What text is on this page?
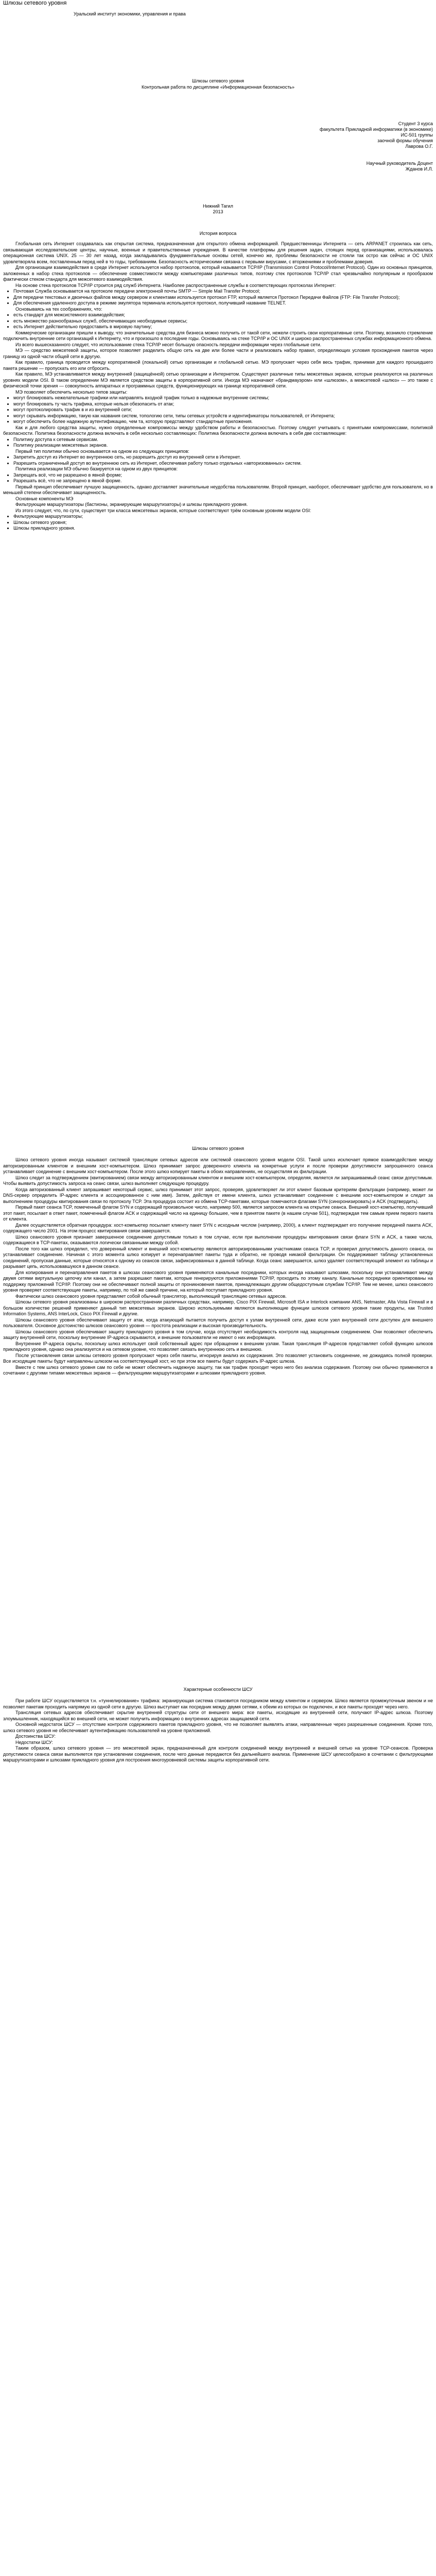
Шлюзы сетевого уровня
Уральский институт экономики, управления и права
Шлюзы сетевого уровня
Контрольная работа по дисциплине «Информационная безопасность»
Студент 3 курса
факультета Прикладной информатики (в экономике)
ИС-501 группы
заочной формы обучения
Лаврова О.Г.
Научный руководитель Доцент
Жданов И.Л.
Нижний Тагил
2013
История вопроса

Глобальная сеть Интернет создавалась как открытая система, предназначенная для открытого обмена информацией. Предшественницы Интернета — сеть ARPANET строилась как сеть, связывающая исследовательские центры, научные, военные и правительственные учреждения. В качестве платформы для решения задач, стоящих перед организациями, использовалась операционная система UNIX. 25 — 30 лет назад, когда закладывались фундаментальные основы сетей, конечно же, проблемы безопасности не стояли так остро как сейчас и ОС UNIX удовлетворяла всем, поставленным перед ней в то годы, требованиям. Безопасность историческими связана с первыми вирусами, с вторжениями и проблемами доверия.

Для организации взаимодействия в среде Интернет используется набор протоколов, который называется TCP/IP (Transmission Control Protocol/Internet Protocol). Один из основных принципов, заложенных в набор стека протоколов — обеспечение совместимости между компьютерами различных типов, поэтому стек протоколов TCP/IP стал чрезвычайно популярным и прообразом фактически стеком стандарта для межсетевого взаимодействия.

На основе стека протоколов TCP/IP строится ряд служб Интернета. Наиболее распространенные службы в соответствующих протоколах Интернет:

• Почтовая Служба основывается на протоколе передачи электронной почты SMTP — Simple Mail Transfer Protocol;
• Для передачи текстовых и двоичных файлов между сервером и клиентами используется протокол FTP, который является Протокол Передачи Файлов (FTP: File Transfer Protocol);
• Для обеспечения удаленного доступа в режиме эмулятора терминала используется протокол, получивший название TELNET.

Основываясь на тех соображениях, что:

• есть стандарт для межсистемного взаимодействия;
• есть множество разнообразных служб, обеспечивающих необходимые сервисы;
• есть Интернет действительно предоставить в мировую паутину;

Коммерческие организации пришли к выводу, что значительные средства для бизнеса можно получить от такой сети, нежели строить свои корпоративные сети. Поэтому, возникло стремление подключить внутренние сети организаций к Интернету, что и произошло в последние годы. Основываясь на стеке TCP/IP и ОС UNIX и широко распространенных службах информационного обмена.

Из всего вышесказанного следует, что использование стека TCP/IP несет большую опасность передачи информации через глобальные сети.

МЭ — средство межсетевой защиты, которое позволяет разделить общую сеть на две или более части и реализовать набор правил, определяющих условия прохождения пакетов через границу из одной части общей сети в другую.

Как правило, граница проводится между корпоративной (локальной) сетью организации и глобальной сетью. МЭ пропускает через себя весь трафик, принимая для каждого прошедшего пакета решение — пропускать его или отбросить.

Как правило, МЭ устанавливается между внутренней (защищённой) сетью организации и Интернетом. Существуют различные типы межсетевых экранов, которые реализуются на различных уровнях модели OSI. В таком определении МЭ является средством защиты в корпоративной сети. Иногда МЭ назначают «брандмауэром» или «шлюзом», а межсетевой «шлюз» — это также с физической точки зрения — совокупность аппаратных и программных средств, функционирующих на границе корпоративной сети.

МЭ позволяет обеспечить несколько типов защиты:

• могут блокировать нежелательные трафики или направлять входной трафик только в надежные внутренние системы;
• могут блокировать ту часть трафика, которые нельзя обезопасить от атак;
• могут протоколировать трафик в и из внутренней сети;
• могут скрывать информацию, такую как названия систем, топологию сети, типы сетевых устройств и идентификаторы пользователей, от Интернета;
• могут обеспечить более надежную аутентификацию, чем та, которую представляют стандартные приложения.

Как и для любого средства защиты, нужно определенные компромиссы между удобством работы и безопасностью. Поэтому следует учитывать с принятыми компромиссами, политикой безопасности. Политика безопасности должна включать в себя несколько составляющих: Политика безопасности должна включать в себя две составляющие:

• Политику доступа к сетевым сервисам.
• Политику реализации межсетевых экранов.

Первый тип политики обычно основывается на одном из следующих принципов:

• Запретить доступ из Интернет во внутреннюю сеть, но разрешить доступ из внутренней сети в Интернет.
• Разрешить ограниченный доступ во внутреннюю сеть из Интернет, обеспечивая работу только отдельных «авторизованных» систем.

Политика реализации МЭ обычно базируется на одном из двух принципов:

• Запрещать всё, что не разрешено в явной форме;
• Разрешать всё, что не запрещено в явной форме.

Первый принцип обеспечивает лучшую защищенность, однако доставляет значительные неудобства пользователям. Второй принцип, наоборот, обеспечивает удобство для пользователя, но в меньшей степени обеспечивает защищенность.

Основные компоненты МЭ

Фильтрующие маршрутизаторы (бастионы, экранирующие маршрутизаторы) и шлюзы прикладного уровня.

Из этого следует, что, по сути, существует три класса межсетевых экранов, которые соответствуют трём основным уровням модели OSI:

• Фильтрующие маршрутизаторы;
• Шлюзы сетевого уровня;
• Шлюзы прикладного уровня.
Шлюзы сетевого уровня

Шлюз сетевого уровня иногда называют системой трансляции сетевых адресов или системой сеансового уровня модели OSI. Такой шлюз исключает прямое взаимодействие между авторизированным клиентом и внешним хост-компьютером. Шлюз принимает запрос доверенного клиента на конкретные услуги и после проверки допустимости запрошенного сеанса устанавливает соединение с внешним хост-компьютером. После этого шлюз копирует пакеты в обоих направлениях, не осуществляя их фильтрации.

Шлюз следит за подтверждением (квитированием) связи между авторизированным клиентом и внешним хост-компьютером, определяя, является ли запрашиваемый сеанс связи допустимым. Чтобы выявить допустимость запроса на сеанс связи, шлюз выполняет следующую процедуру.

Когда авторизованный клиент запрашивает некоторый сервис, шлюз принимает этот запрос, проверяя, удовлетворяет ли этот клиент базовым критериям фильтрации (например, может ли DNS-сервер определить IP-адрес клиента и ассоциированное с ним имя). Затем, действуя от имени клиента, шлюз устанавливает соединение с внешним хост-компьютером и следит за выполнением процедуры квитирования связи по протоколу TCP. Эта процедура состоит из обмена TCP-пакетами, которые помечаются флагами SYN (синхронизировать) и ACK (подтвердить).

Первый пакет сеанса TCP, помеченный флагом SYN и содержащий произвольное число, например 500, является запросом клиента на открытие сеанса. Внешний хост-компьютер, получивший этот пакет, посылает в ответ пакет, помеченный флагом ACK и содержащий число на единицу большее, чем в принятом пакете (в нашем случае 501), подтверждая тем самым прием первого пакета от клиента.

Далее осуществляется обратная процедура: хост-компьютер посылает клиенту пакет SYN с исходным числом (например, 2000), а клиент подтверждает его получение передачей пакета ACK, содержащего число 2001. На этом процесс квитирования связи завершается.

Шлюз сеансового уровня признает завершенное соединение допустимым только в том случае, если при выполнении процедуры квитирования связи флаги SYN и ACK, а также числа, содержащиеся в TCP-пакетах, оказываются логически связанными между собой.

После того как шлюз определил, что доверенный клиент и внешний хост-компьютер являются авторизированными участниками сеанса TCP, и проверил допустимость данного сеанса, он устанавливает соединение. Начиная с этого момента шлюз копирует и перенаправляет пакеты туда и обратно, не проводя никакой фильтрации. Он поддерживает таблицу установленных соединений, пропуская данные, которые относятся к одному из сеансов связи, зафиксированных в данной таблице. Когда сеанс завершается, шлюз удаляет соответствующий элемент из таблицы и разрывает цепь, использовавшуюся в данном сеансе.

Для копирования и перенаправления пакетов в шлюзах сеансового уровня применяются канальные посредники, которых иногда называют шлюзами, поскольку они устанавливают между двумя сетями виртуальную цепочку или канал, а затем разрешают пакетам, которые генерируются приложениями TCP/IP, проходить по этому каналу. Канальные посредники ориентированы на поддержку приложений TCP/IP. Поэтому они не обеспечивают полной защиты от проникновения пакетов, принадлежащих другим общедоступным службам TCP/IP. Тем не менее, шлюз сеансового уровня проверяет соответствующие пакеты, например, по той же самой причине, на который поступает прикладного уровня.

Фактически шлюз сеансового уровня представляет собой обычный транслятор, выполняющий трансляцию сетевых адресов.

Шлюзы сетевого уровня реализованы в широком распространении различных средствах, например, Cisco PIX Firewall, Microsoft ISA и Interlock компании ANS, Netmaster, Alta Vista Firewall и в большом количестве решений применяют данный тип межсетевых экранов. Широко используемыми являются выполняющие функции шлюзов сетевого уровня такие продукты, как Trusted Information Systems, ANS InterLock, Cisco PIX Firewall и другие.

Шлюзы сеансового уровня обеспечивают защиту от атак, когда атакующий пытается получить доступ к узлам внутренней сети, даже если узел внутренней сети доступен для внешнего пользователя. Основное достоинство шлюзов сеансового уровня — простота реализации и высокая производительность.

Шлюзы сеансового уровня обеспечивают защиту прикладного уровня в том случае, когда отсутствует необходимость контроля над защищенным соединением. Они позволяют обеспечить защиту внутренней сети, поскольку внутренние IP-адреса скрываются, и внешние пользователи не имеют о них информации.

Внутренние IP-адреса скрыты, поскольку шлюз использует свой собственный адрес при обращении к внешним узлам. Такая трансляция IP-адресов представляет собой функцию шлюзов прикладного уровня, однако она реализуется и на сетевом уровне, что позволяет связать внутреннюю сеть и внешнюю.

После установления связи шлюзы сетевого уровня пропускают через себя пакеты, игнорируя анализ их содержания. Это позволяет установить соединение, не дожидаясь полной проверки. Все исходящие пакеты будут направлены шлюзом на соответствующий хост, но при этом все пакеты будут содержать IP-адрес шлюза.

Вместе с тем шлюз сетевого уровня сам по себе не может обеспечить надежную защиту, так как трафик проходит через него без анализа содержания. Поэтому они обычно применяются в сочетании с другими типами межсетевых экранов — фильтрующими маршрутизаторами и шлюзами прикладного уровня.

Характерные особенности ШСУ

При работе ШСУ осуществляется т.н. «туннелирование» трафика: экранирующая система становится посредником между клиентом и сервером. Шлюз является промежуточным звеном и не позволяет пакетам проходить напрямую из одной сети в другую. Шлюз выступает как посредник между двумя сетями, к обеим из которых он подключен, и все пакеты проходят через него.

Трансляция сетевых адресов обеспечивает скрытие внутренней структуры сети от внешнего мира: все пакеты, исходящие из внутренней сети, получают IP-адрес шлюза. Поэтому злоумышленник, находящийся во внешней сети, не может получить информацию о внутренних адресах защищаемой сети.

Основной недостаток ШСУ — отсутствие контроля содержимого пакетов прикладного уровня, что не позволяет выявлять атаки, направленные через разрешенные соединения. Кроме того, шлюз сетевого уровня не обеспечивает аутентификацию пользователей на уровне приложений.

Достоинства ШСУ:

Недостатки ШСУ:

Таким образом, шлюз сетевого уровня — это межсетевой экран, предназначенный для контроля соединений между внутренней и внешней сетью на уровне TCP-сеансов. Проверка допустимости сеанса связи выполняется при установлении соединения, после чего данные передаются без дальнейшего анализа. Применение ШСУ целесообразно в сочетании с фильтрующими маршрутизаторами и шлюзами прикладного уровня для построения многоуровневой системы защиты корпоративной сети.
